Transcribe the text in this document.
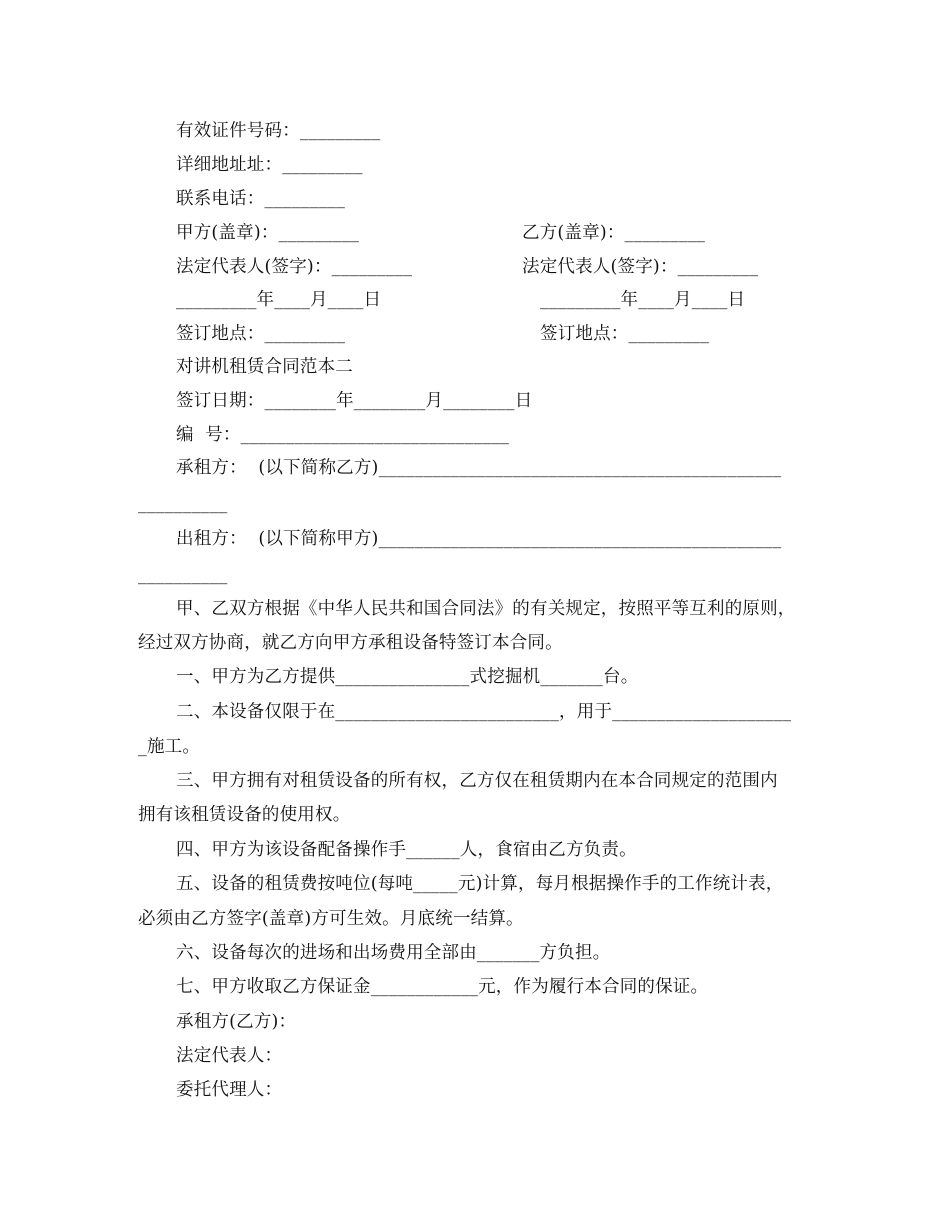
有效证件号码：_________
详细地址址：_________
联系电话：_________
甲方(盖章)：_________	乙方(盖章)：_________
法定代表人(签字)：_________	法定代表人(签字)：_________
_________年____月____日	_________年____月____日
签订地点：_________	签订地点：_________
对讲机租赁合同范本二
签订日期：________年________月________日
编  号：______________________________
承租方：  (以下简称乙方)_____________________________________________
__________
出租方：  (以下简称甲方)_____________________________________________
__________
甲、乙双方根据《中华人民共和国合同法》的有关规定，按照平等互利的原则，
经过双方协商，就乙方向甲方承租设备特签订本合同。
一、甲方为乙方提供_______________式挖掘机_______台。
二、本设备仅限于在_________________________，用于____________________
_施工。
三、甲方拥有对租赁设备的所有权，乙方仅在租赁期内在本合同规定的范围内
拥有该租赁设备的使用权。
四、甲方为该设备配备操作手______人，食宿由乙方负责。
五、设备的租赁费按吨位(每吨_____元)计算，每月根据操作手的工作统计表，
必须由乙方签字(盖章)方可生效。月底统一结算。
六、设备每次的进场和出场费用全部由_______方负担。
七、甲方收取乙方保证金____________元，作为履行本合同的保证。
承租方(乙方)：
法定代表人：
委托代理人：
